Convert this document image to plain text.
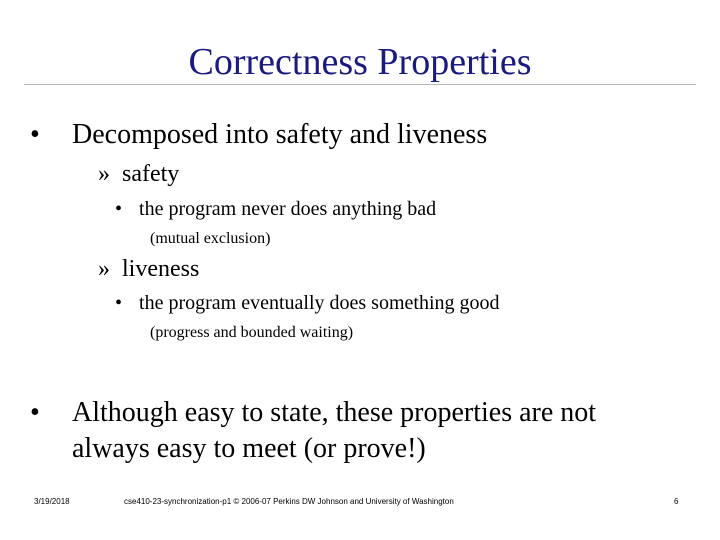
Correctness Properties
• Decomposed into safety and liveness
» safety
• the program never does anything bad
(mutual exclusion)
» liveness
• the program eventually does something good
(progress and bounded waiting)
• Although easy to state, these properties are not
always easy to meet (or prove!)
3/19/2018	cse410-23-synchronization-p1 © 2006-07 Perkins DW Johnson and University of Washington	6
